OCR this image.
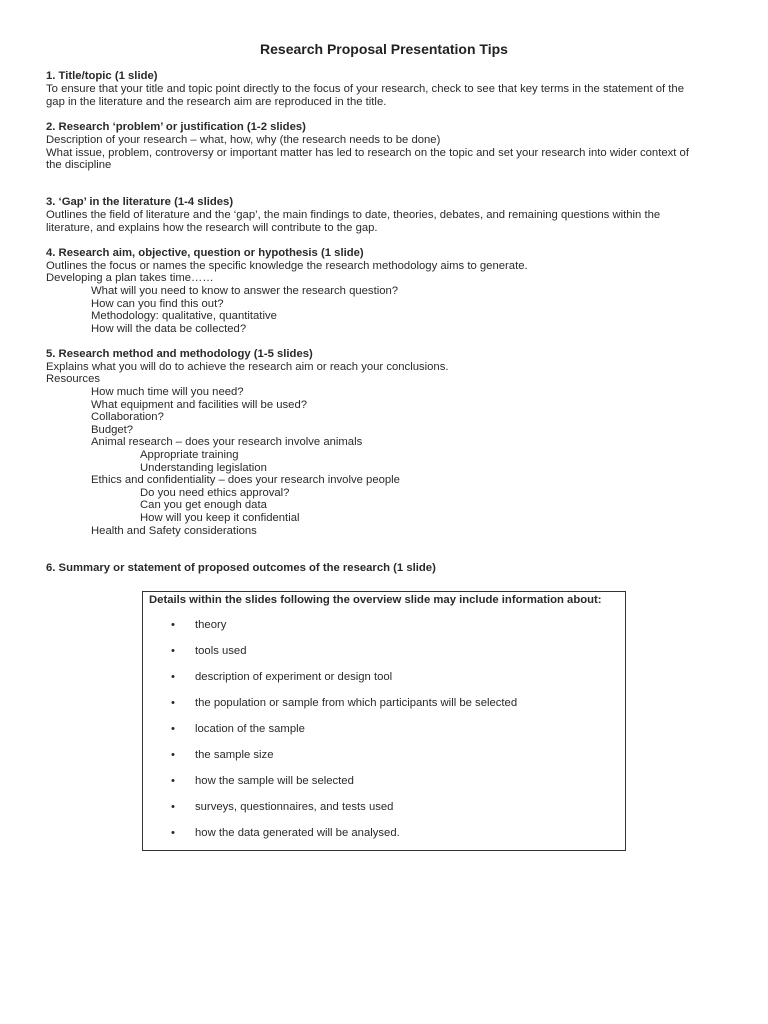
Research Proposal Presentation Tips
1. Title/topic (1 slide)
To ensure that your title and topic point directly to the focus of your research, check to see that key terms in the statement of the
gap in the literature and the research aim are reproduced in the title.
2. Research ‘problem’ or justification (1-2 slides)
Description of your research – what, how, why (the research needs to be done)
What issue, problem, controversy or important matter has led to research on the topic and set your research into wider context of
the discipline
3. ‘Gap’ in the literature (1-4 slides)
Outlines the field of literature and the ‘gap’, the main findings to date, theories, debates, and remaining questions within the
literature, and explains how the research will contribute to the gap.
4. Research aim, objective, question or hypothesis (1 slide)
Outlines the focus or names the specific knowledge the research methodology aims to generate.
Developing a plan takes time……
What will you need to know to answer the research question?
How can you find this out?
Methodology: qualitative, quantitative
How will the data be collected?
5. Research method and methodology (1-5 slides)
Explains what you will do to achieve the research aim or reach your conclusions.
Resources
How much time will you need?
What equipment and facilities will be used?
Collaboration?
Budget?
Animal research – does your research involve animals
Appropriate training
Understanding legislation
Ethics and confidentiality – does your research involve people
Do you need ethics approval?
Can you get enough data
How will you keep it confidential
Health and Safety considerations
6. Summary or statement of proposed outcomes of the research (1 slide)
Details within the slides following the overview slide may include information about:
• theory
• tools used
• description of experiment or design tool
• the population or sample from which participants will be selected
• location of the sample
• the sample size
• how the sample will be selected
• surveys, questionnaires, and tests used
• how the data generated will be analysed.
